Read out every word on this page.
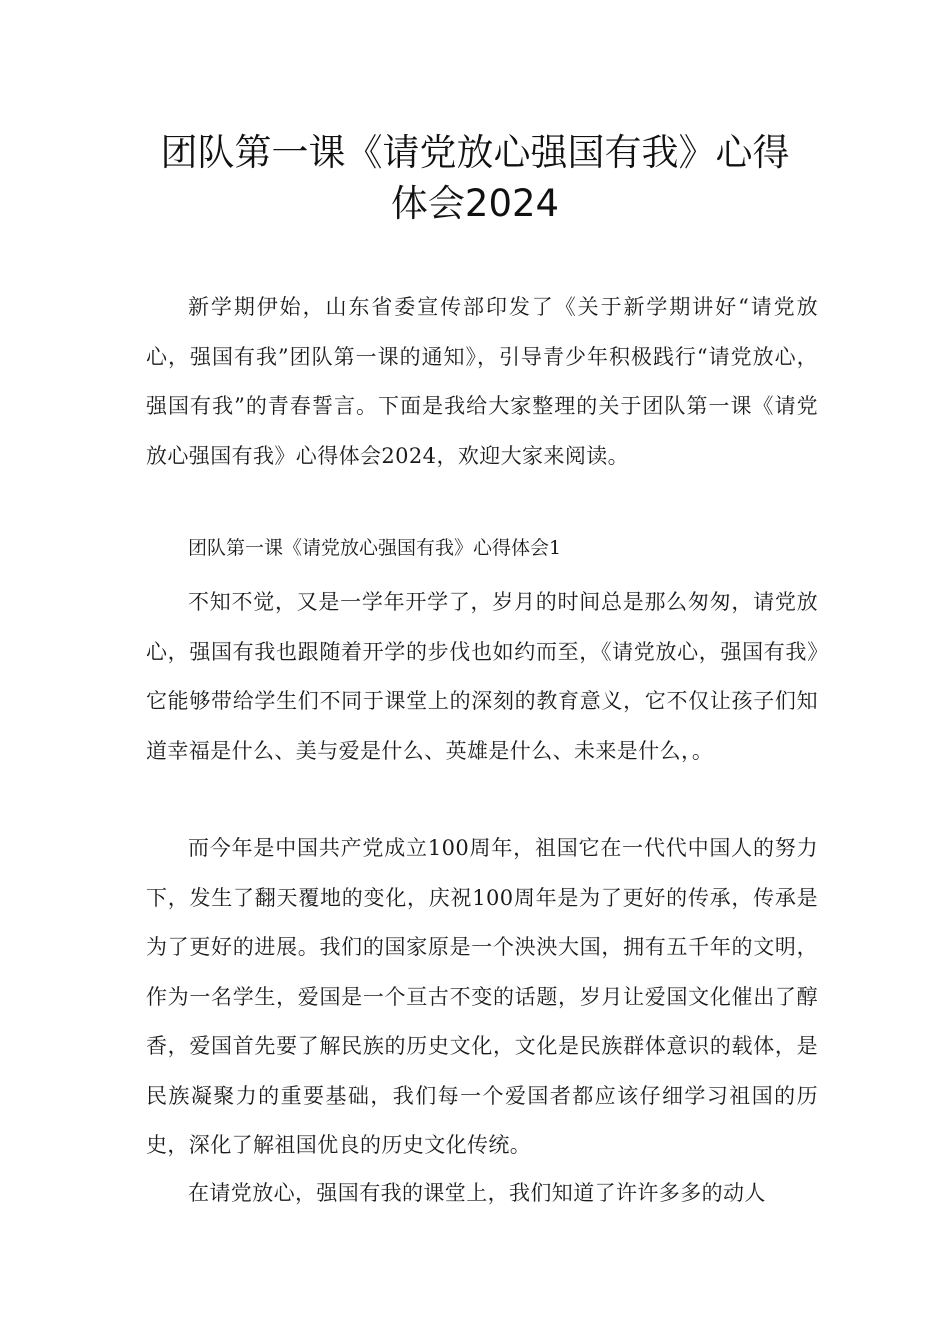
团队第一课《请党放心强国有我》心得
体会2024

新学期伊始，山东省委宣传部印发了《关于新学期讲好“请党放心，强国有我”团队第一课的通知》，引导青少年积极践行“请党放心，强国有我”的青春誓言。下面是我给大家整理的关于团队第一课《请党放心强国有我》心得体会2024，欢迎大家来阅读。

团队第一课《请党放心强国有我》心得体会1

不知不觉，又是一学年开学了，岁月的时间总是那么匆匆，请党放心，强国有我也跟随着开学的步伐也如约而至，《请党放心，强国有我》它能够带给学生们不同于课堂上的深刻的教育意义，它不仅让孩子们知道幸福是什么、美与爱是什么、英雄是什么、未来是什么，。

而今年是中国共产党成立100周年，祖国它在一代代中国人的努力下，发生了翻天覆地的变化，庆祝100周年是为了更好的传承，传承是为了更好的进展。我们的国家原是一个泱泱大国，拥有五千年的文明，作为一名学生，爱国是一个亘古不变的话题，岁月让爱国文化催出了醇香，爱国首先要了解民族的历史文化，文化是民族群体意识的载体，是民族凝聚力的重要基础，我们每一个爱国者都应该仔细学习祖国的历史，深化了解祖国优良的历史文化传统。

在请党放心，强国有我的课堂上，我们知道了许许多多的动人
